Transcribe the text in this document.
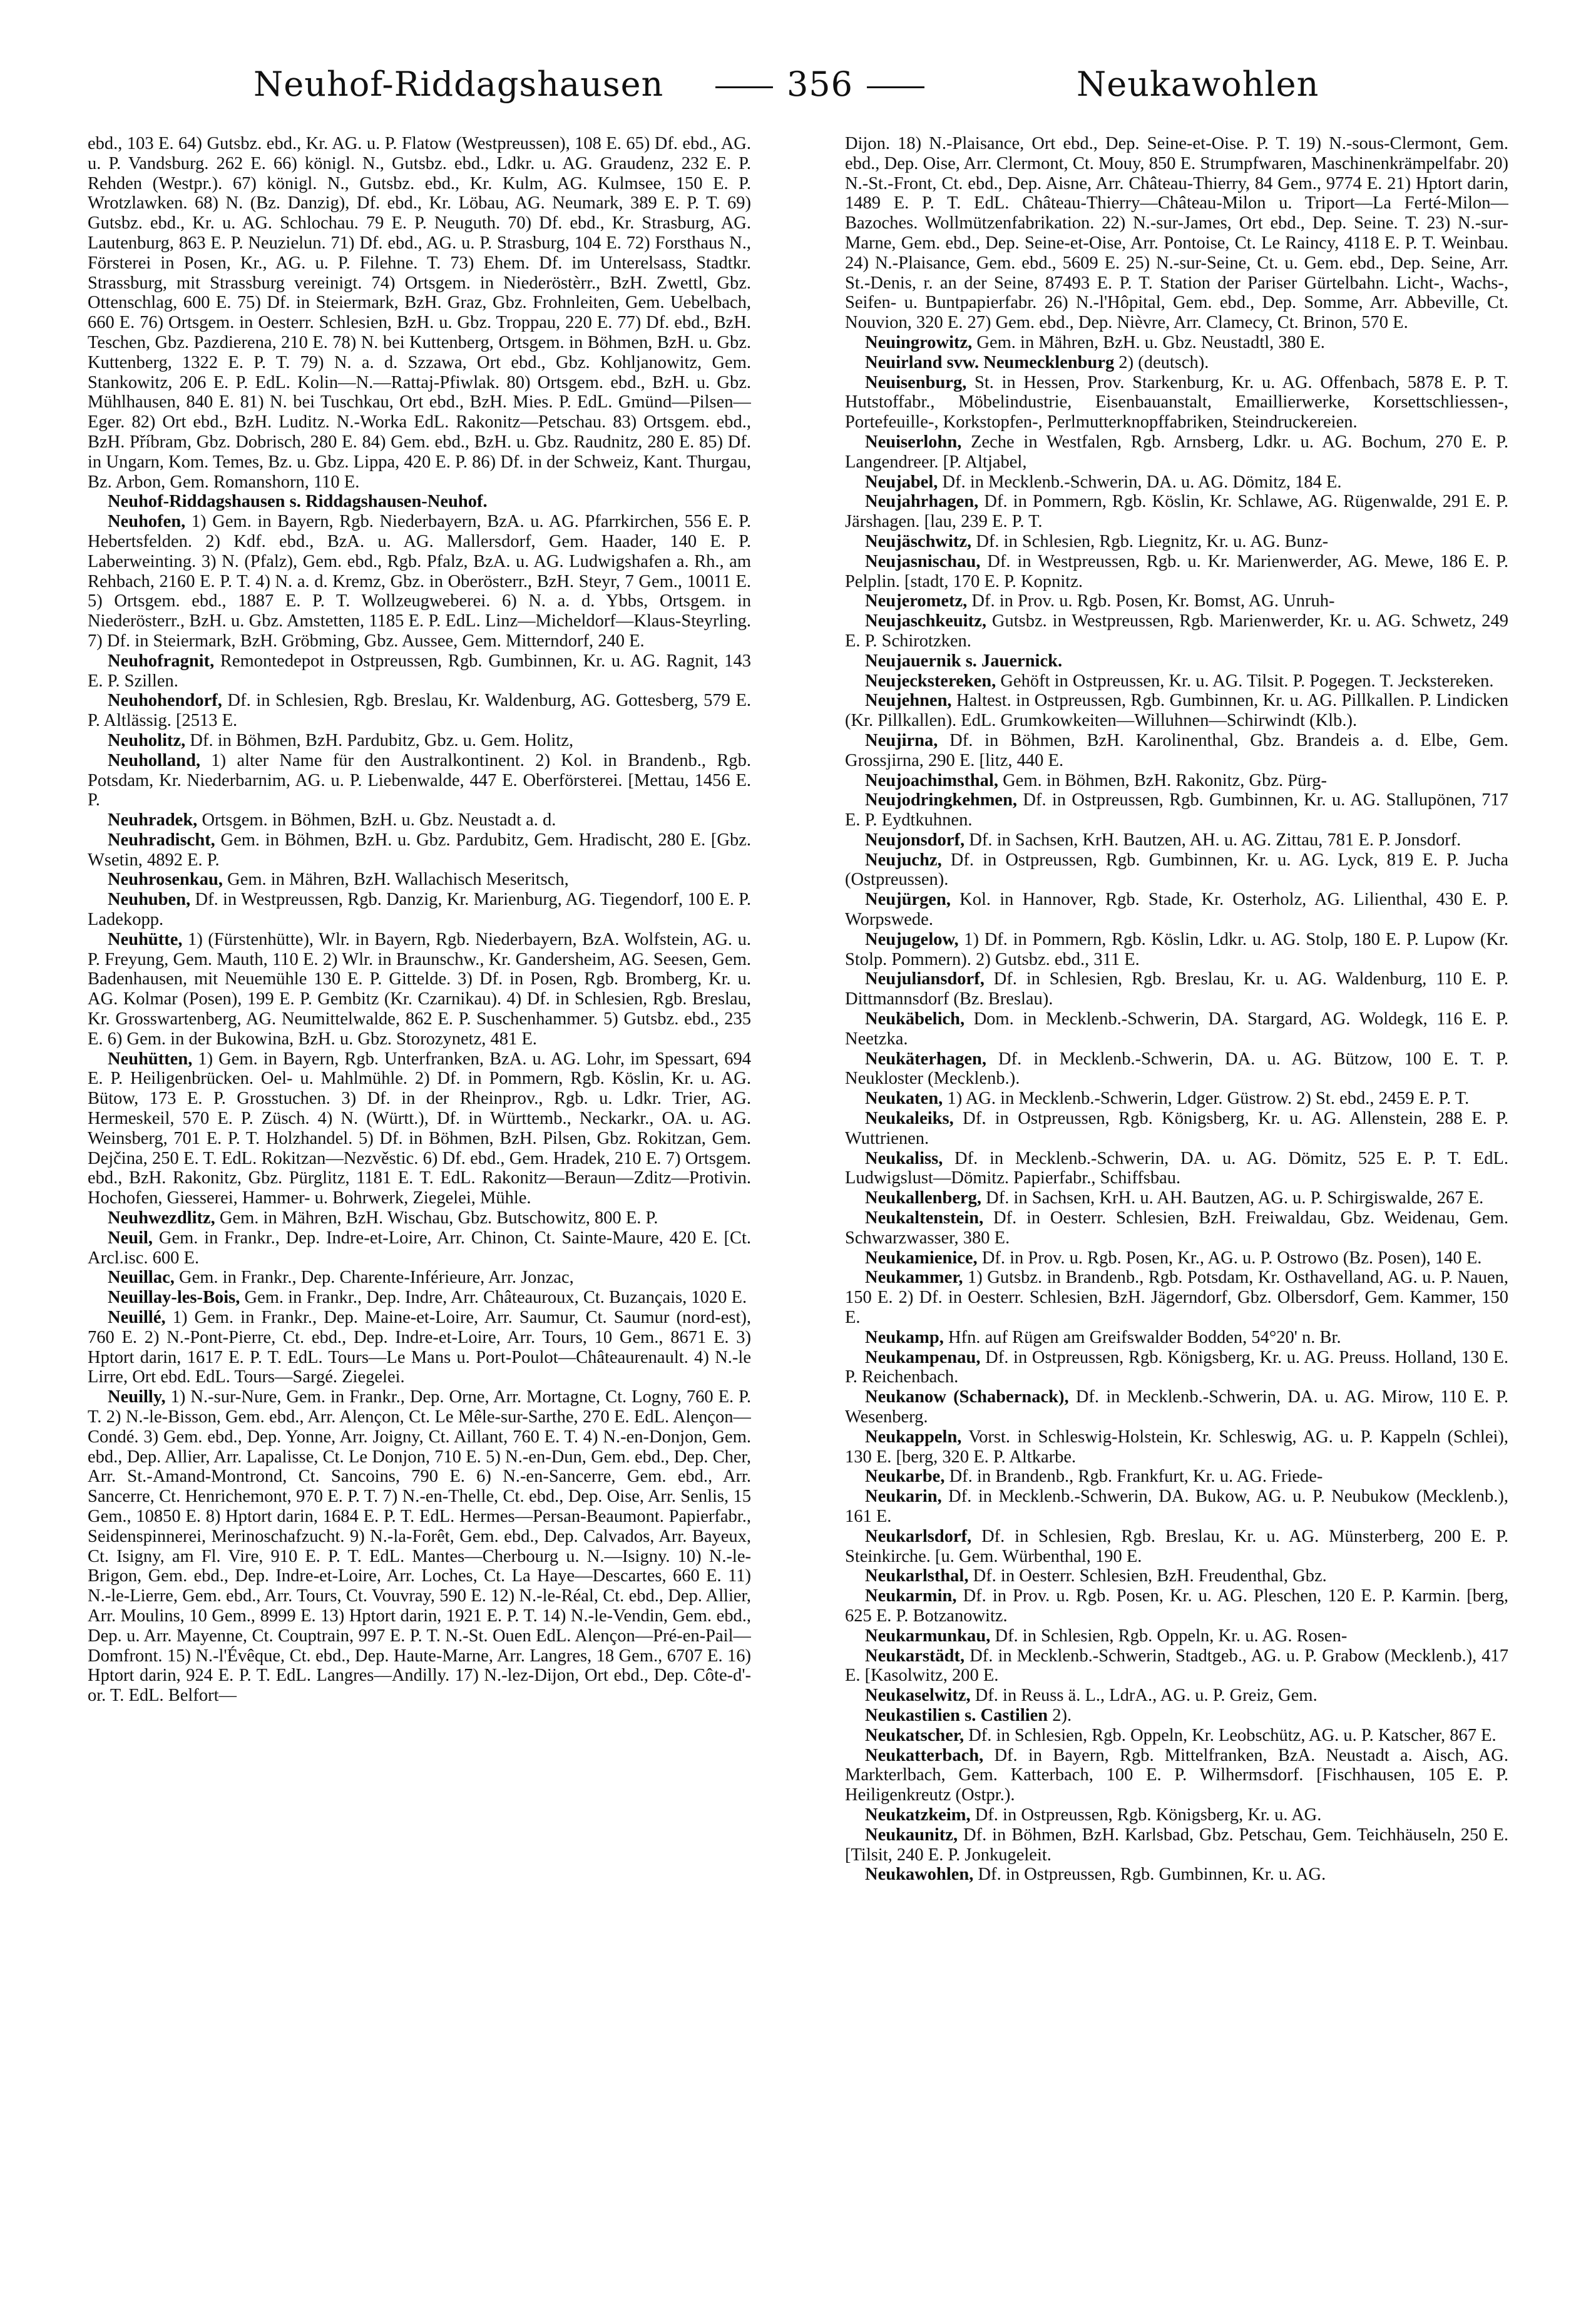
Neuhof-Riddagshausen	356	Neukawohlen

ebd., 103 E. 64) Gutsbz. ebd., Kr. AG. u. P. Flatow (Westpreussen), 108 E. 65) Df. ebd., AG. u. P. Vandsburg. 262 E. 66) königl. N., Gutsbz. ebd., Ldkr. u. AG. Graudenz, 232 E. P. Rehden (Westpr.). 67) königl. N., Gutsbz. ebd., Kr. Kulm, AG. Kulmsee, 150 E. P. Wrotzlawken. 68) N. (Bz. Danzig), Df. ebd., Kr. Löbau, AG. Neumark, 389 E. P. T. 69) Gutsbz. ebd., Kr. u. AG. Schlochau. 79 E. P. Neuguth. 70) Df. ebd., Kr. Strasburg, AG. Lautenburg, 863 E. P. Neuzielun. 71) Df. ebd., AG. u. P. Strasburg, 104 E. 72) Forsthaus N., Försterei in Posen, Kr., AG. u. P. Filehne. T. 73) Ehem. Df. im Unterelsass, Stadtkr. Strassburg, mit Strassburg vereinigt. 74) Ortsgem. in Niederöstèrr., BzH. Zwettl, Gbz. Ottenschlag, 600 E. 75) Df. in Steiermark, BzH. Graz, Gbz. Frohnleiten, Gem. Uebelbach, 660 E. 76) Ortsgem. in Oesterr. Schlesien, BzH. u. Gbz. Troppau, 220 E. 77) Df. ebd., BzH. Teschen, Gbz. Pazdierena, 210 E. 78) N. bei Kuttenberg, Ortsgem. in Böhmen, BzH. u. Gbz. Kuttenberg, 1322 E. P. T. 79) N. a. d. Szzawa, Ort ebd., Gbz. Kohljanowitz, Gem. Stankowitz, 206 E. P. EdL. Kolin—N.—Rattaj-Pfiwlak. 80) Ortsgem. ebd., BzH. u. Gbz. Mühlhausen, 840 E. 81) N. bei Tuschkau, Ort ebd., BzH. Mies. P. EdL. Gmünd—Pilsen—Eger. 82) Ort ebd., BzH. Luditz. N.-Worka EdL. Rakonitz—Petschau. 83) Ortsgem. ebd., BzH. Příbram, Gbz. Dobrisch, 280 E. 84) Gem. ebd., BzH. u. Gbz. Raudnitz, 280 E. 85) Df. in Ungarn, Kom. Temes, Bz. u. Gbz. Lippa, 420 E. P. 86) Df. in der Schweiz, Kant. Thurgau, Bz. Arbon, Gem. Romanshorn, 110 E.

Neuhof-Riddagshausen s. Riddagshausen-Neuhof.

Neuhofen, 1) Gem. in Bayern, Rgb. Niederbayern, BzA. u. AG. Pfarrkirchen, 556 E. P. Hebertsfelden. 2) Kdf. ebd., BzA. u. AG. Mallersdorf, Gem. Haader, 140 E. P. Laberweinting. 3) N. (Pfalz), Gem. ebd., Rgb. Pfalz, BzA. u. AG. Ludwigshafen a. Rh., am Rehbach, 2160 E. P. T. 4) N. a. d. Kremz, Gbz. in Oberösterr., BzH. Steyr, 7 Gem., 10011 E. 5) Ortsgem. ebd., 1887 E. P. T. Wollzeugweberei. 6) N. a. d. Ybbs, Ortsgem. in Niederösterr., BzH. u. Gbz. Amstetten, 1185 E. P. EdL. Linz—Micheldorf—Klaus-Steyrling. 7) Df. in Steiermark, BzH. Gröbming, Gbz. Aussee, Gem. Mitterndorf, 240 E.

Neuhofragnit, Remontedepot in Ostpreussen, Rgb. Gumbinnen, Kr. u. AG. Ragnit, 143 E. P. Szillen.

Neuhohendorf, Df. in Schlesien, Rgb. Breslau, Kr. Waldenburg, AG. Gottesberg, 579 E. P. Altlässig. [2513 E.

Neuholitz, Df. in Böhmen, BzH. Pardubitz, Gbz. u. Gem. Holitz,

Neuholland, 1) alter Name für den Australkontinent. 2) Kol. in Brandenb., Rgb. Potsdam, Kr. Niederbarnim, AG. u. P. Liebenwalde, 447 E. Oberförsterei. [Mettau, 1456 E. P.

Neuhradek, Ortsgem. in Böhmen, BzH. u. Gbz. Neustadt a. d.

Neuhradischt, Gem. in Böhmen, BzH. u. Gbz. Pardubitz, Gem. Hradischt, 280 E. [Gbz. Wsetin, 4892 E. P.

Neuhrosenkau, Gem. in Mähren, BzH. Wallachisch Meseritsch,

Neuhuben, Df. in Westpreussen, Rgb. Danzig, Kr. Marienburg, AG. Tiegendorf, 100 E. P. Ladekopp.

Neuhütte, 1) (Fürstenhütte), Wlr. in Bayern, Rgb. Niederbayern, BzA. Wolfstein, AG. u. P. Freyung, Gem. Mauth, 110 E. 2) Wlr. in Braunschw., Kr. Gandersheim, AG. Seesen, Gem. Badenhausen, mit Neuemühle 130 E. P. Gittelde. 3) Df. in Posen, Rgb. Bromberg, Kr. u. AG. Kolmar (Posen), 199 E. P. Gembitz (Kr. Czarnikau). 4) Df. in Schlesien, Rgb. Breslau, Kr. Grosswartenberg, AG. Neumittelwalde, 862 E. P. Suschenhammer. 5) Gutsbz. ebd., 235 E. 6) Gem. in der Bukowina, BzH. u. Gbz. Storozynetz, 481 E.

Neuhütten, 1) Gem. in Bayern, Rgb. Unterfranken, BzA. u. AG. Lohr, im Spessart, 694 E. P. Heiligenbrücken. Oel- u. Mahlmühle. 2) Df. in Pommern, Rgb. Köslin, Kr. u. AG. Bütow, 173 E. P. Grosstuchen. 3) Df. in der Rheinprov., Rgb. u. Ldkr. Trier, AG. Hermeskeil, 570 E. P. Züsch. 4) N. (Württ.), Df. in Württemb., Neckarkr., OA. u. AG. Weinsberg, 701 E. P. T. Holzhandel. 5) Df. in Böhmen, BzH. Pilsen, Gbz. Rokitzan, Gem. Dejčina, 250 E. T. EdL. Rokitzan—Nezvěstic. 6) Df. ebd., Gem. Hradek, 210 E. 7) Ortsgem. ebd., BzH. Rakonitz, Gbz. Pürglitz, 1181 E. T. EdL. Rakonitz—Beraun—Zditz—Protivin. Hochofen, Giesserei, Hammer- u. Bohrwerk, Ziegelei, Mühle.

Neuhwezdlitz, Gem. in Mähren, BzH. Wischau, Gbz. Butschowitz, 800 E. P.

Neuil, Gem. in Frankr., Dep. Indre-et-Loire, Arr. Chinon, Ct. Sainte-Maure, 420 E. [Ct. Arcl.isc. 600 E.

Neuillac, Gem. in Frankr., Dep. Charente-Inférieure, Arr. Jonzac,

Neuillay-les-Bois, Gem. in Frankr., Dep. Indre, Arr. Châteauroux, Ct. Buzançais, 1020 E.

Neuillé, 1) Gem. in Frankr., Dep. Maine-et-Loire, Arr. Saumur, Ct. Saumur (nord-est), 760 E. 2) N.-Pont-Pierre, Ct. ebd., Dep. Indre-et-Loire, Arr. Tours, 10 Gem., 8671 E. 3) Hptort darin, 1617 E. P. T. EdL. Tours—Le Mans u. Port-Poulot—Châteaurenault. 4) N.-le Lirre, Ort ebd. EdL. Tours—Sargé. Ziegelei.

Neuilly, 1) N.-sur-Nure, Gem. in Frankr., Dep. Orne, Arr. Mortagne, Ct. Logny, 760 E. P. T. 2) N.-le-Bisson, Gem. ebd., Arr. Alençon, Ct. Le Mêle-sur-Sarthe, 270 E. EdL. Alençon—Condé. 3) Gem. ebd., Dep. Yonne, Arr. Joigny, Ct. Aillant, 760 E. T. 4) N.-en-Donjon, Gem. ebd., Dep. Allier, Arr. Lapalisse, Ct. Le Donjon, 710 E. 5) N.-en-Dun, Gem. ebd., Dep. Cher, Arr. St.-Amand-Montrond, Ct. Sancoins, 790 E. 6) N.-en-Sancerre, Gem. ebd., Arr. Sancerre, Ct. Henrichemont, 970 E. P. T. 7) N.-en-Thelle, Ct. ebd., Dep. Oise, Arr. Senlis, 15 Gem., 10850 E. 8) Hptort darin, 1684 E. P. T. EdL. Hermes—Persan-Beaumont. Papierfabr., Seidenspinnerei, Merinoschafzucht. 9) N.-la-Forêt, Gem. ebd., Dep. Calvados, Arr. Bayeux, Ct. Isigny, am Fl. Vire, 910 E. P. T. EdL. Mantes—Cherbourg u. N.—Isigny. 10) N.-le-Brigon, Gem. ebd., Dep. Indre-et-Loire, Arr. Loches, Ct. La Haye—Descartes, 660 E. 11) N.-le-Lierre, Gem. ebd., Arr. Tours, Ct. Vouvray, 590 E. 12) N.-le-Réal, Ct. ebd., Dep. Allier, Arr. Moulins, 10 Gem., 8999 E. 13) Hptort darin, 1921 E. P. T. 14) N.-le-Vendin, Gem. ebd., Dep. u. Arr. Mayenne, Ct. Couptrain, 997 E. P. T. N.-St. Ouen EdL. Alençon—Pré-en-Pail—Domfront. 15) N.-l'Évêque, Ct. ebd., Dep. Haute-Marne, Arr. Langres, 18 Gem., 6707 E. 16) Hptort darin, 924 E. P. T. EdL. Langres—Andilly. 17) N.-lez-Dijon, Ort ebd., Dep. Côte-d'-or. T. EdL. Belfort—

Dijon. 18) N.-Plaisance, Ort ebd., Dep. Seine-et-Oise. P. T. 19) N.-sous-Clermont, Gem. ebd., Dep. Oise, Arr. Clermont, Ct. Mouy, 850 E. Strumpfwaren, Maschinenkrämpelfabr. 20) N.-St.-Front, Ct. ebd., Dep. Aisne, Arr. Château-Thierry, 84 Gem., 9774 E. 21) Hptort darin, 1489 E. P. T. EdL. Château-Thierry—Château-Milon u. Triport—La Ferté-Milon—Bazoches. Wollmützenfabrikation. 22) N.-sur-James, Ort ebd., Dep. Seine. T. 23) N.-sur-Marne, Gem. ebd., Dep. Seine-et-Oise, Arr. Pontoise, Ct. Le Raincy, 4118 E. P. T. Weinbau. 24) N.-Plaisance, Gem. ebd., 5609 E. 25) N.-sur-Seine, Ct. u. Gem. ebd., Dep. Seine, Arr. St.-Denis, r. an der Seine, 87493 E. P. T. Station der Pariser Gürtelbahn. Licht-, Wachs-, Seifen- u. Buntpapierfabr. 26) N.-l'Hôpital, Gem. ebd., Dep. Somme, Arr. Abbeville, Ct. Nouvion, 320 E. 27) Gem. ebd., Dep. Nièvre, Arr. Clamecy, Ct. Brinon, 570 E.

Neuingrowitz, Gem. in Mähren, BzH. u. Gbz. Neustadtl, 380 E.

Neuirland svw. Neumecklenburg 2) (deutsch).

Neuisenburg, St. in Hessen, Prov. Starkenburg, Kr. u. AG. Offenbach, 5878 E. P. T. Hutstoffabr., Möbelindustrie, Eisenbauanstalt, Emaillierwerke, Korsettschliessen-, Portefeuille-, Korkstopfen-, Perlmutterknopffabriken, Steindruckereien.

Neuiserlohn, Zeche in Westfalen, Rgb. Arnsberg, Ldkr. u. AG. Bochum, 270 E. P. Langendreer. [P. Altjabel,

Neujabel, Df. in Mecklenb.-Schwerin, DA. u. AG. Dömitz, 184 E.

Neujahrhagen, Df. in Pommern, Rgb. Köslin, Kr. Schlawe, AG. Rügenwalde, 291 E. P. Järshagen. [lau, 239 E. P. T.

Neujäschwitz, Df. in Schlesien, Rgb. Liegnitz, Kr. u. AG. Bunz-

Neujasnischau, Df. in Westpreussen, Rgb. u. Kr. Marienwerder, AG. Mewe, 186 E. P. Pelplin. [stadt, 170 E. P. Kopnitz.

Neujerometz, Df. in Prov. u. Rgb. Posen, Kr. Bomst, AG. Unruh-

Neujaschkeuitz, Gutsbz. in Westpreussen, Rgb. Marienwerder, Kr. u. AG. Schwetz, 249 E. P. Schirotzken.

Neujauernik s. Jauernick.

Neujeckstereken, Gehöft in Ostpreussen, Kr. u. AG. Tilsit. P. Pogegen. T. Jeckstereken.

Neujehnen, Haltest. in Ostpreussen, Rgb. Gumbinnen, Kr. u. AG. Pillkallen. P. Lindicken (Kr. Pillkallen). EdL. Grumkowkeiten—Willuhnen—Schirwindt (Klb.).

Neujirna, Df. in Böhmen, BzH. Karolinenthal, Gbz. Brandeis a. d. Elbe, Gem. Grossjirna, 290 E. [litz, 440 E.

Neujoachimsthal, Gem. in Böhmen, BzH. Rakonitz, Gbz. Pürg-

Neujodringkehmen, Df. in Ostpreussen, Rgb. Gumbinnen, Kr. u. AG. Stallupönen, 717 E. P. Eydtkuhnen.

Neujonsdorf, Df. in Sachsen, KrH. Bautzen, AH. u. AG. Zittau, 781 E. P. Jonsdorf.

Neujuchz, Df. in Ostpreussen, Rgb. Gumbinnen, Kr. u. AG. Lyck, 819 E. P. Jucha (Ostpreussen).

Neujürgen, Kol. in Hannover, Rgb. Stade, Kr. Osterholz, AG. Lilienthal, 430 E. P. Worpswede.

Neujugelow, 1) Df. in Pommern, Rgb. Köslin, Ldkr. u. AG. Stolp, 180 E. P. Lupow (Kr. Stolp. Pommern). 2) Gutsbz. ebd., 311 E.

Neujuliansdorf, Df. in Schlesien, Rgb. Breslau, Kr. u. AG. Waldenburg, 110 E. P. Dittmannsdorf (Bz. Breslau).

Neukäbelich, Dom. in Mecklenb.-Schwerin, DA. Stargard, AG. Woldegk, 116 E. P. Neetzka.

Neukäterhagen, Df. in Mecklenb.-Schwerin, DA. u. AG. Bützow, 100 E. T. P. Neukloster (Mecklenb.).

Neukaten, 1) AG. in Mecklenb.-Schwerin, Ldger. Güstrow. 2) St. ebd., 2459 E. P. T.

Neukaleiks, Df. in Ostpreussen, Rgb. Königsberg, Kr. u. AG. Allenstein, 288 E. P. Wuttrienen.

Neukaliss, Df. in Mecklenb.-Schwerin, DA. u. AG. Dömitz, 525 E. P. T. EdL. Ludwigslust—Dömitz. Papierfabr., Schiffsbau.

Neukallenberg, Df. in Sachsen, KrH. u. AH. Bautzen, AG. u. P. Schirgiswalde, 267 E.

Neukaltenstein, Df. in Oesterr. Schlesien, BzH. Freiwaldau, Gbz. Weidenau, Gem. Schwarzwasser, 380 E.

Neukamienice, Df. in Prov. u. Rgb. Posen, Kr., AG. u. P. Ostrowo (Bz. Posen), 140 E.

Neukammer, 1) Gutsbz. in Brandenb., Rgb. Potsdam, Kr. Osthavelland, AG. u. P. Nauen, 150 E. 2) Df. in Oesterr. Schlesien, BzH. Jägerndorf, Gbz. Olbersdorf, Gem. Kammer, 150 E.

Neukamp, Hfn. auf Rügen am Greifswalder Bodden, 54°20' n. Br.

Neukampenau, Df. in Ostpreussen, Rgb. Königsberg, Kr. u. AG. Preuss. Holland, 130 E. P. Reichenbach.

Neukanow (Schabernack), Df. in Mecklenb.-Schwerin, DA. u. AG. Mirow, 110 E. P. Wesenberg.

Neukappeln, Vorst. in Schleswig-Holstein, Kr. Schleswig, AG. u. P. Kappeln (Schlei), 130 E. [berg, 320 E. P. Altkarbe.

Neukarbe, Df. in Brandenb., Rgb. Frankfurt, Kr. u. AG. Friede-

Neukarin, Df. in Mecklenb.-Schwerin, DA. Bukow, AG. u. P. Neubukow (Mecklenb.), 161 E.

Neukarlsdorf, Df. in Schlesien, Rgb. Breslau, Kr. u. AG. Münsterberg, 200 E. P. Steinkirche. [u. Gem. Würbenthal, 190 E.

Neukarlsthal, Df. in Oesterr. Schlesien, BzH. Freudenthal, Gbz.

Neukarmin, Df. in Prov. u. Rgb. Posen, Kr. u. AG. Pleschen, 120 E. P. Karmin. [berg, 625 E. P. Botzanowitz.

Neukarmunkau, Df. in Schlesien, Rgb. Oppeln, Kr. u. AG. Rosen-

Neukarstädt, Df. in Mecklenb.-Schwerin, Stadtgeb., AG. u. P. Grabow (Mecklenb.), 417 E. [Kasolwitz, 200 E.

Neukaselwitz, Df. in Reuss ä. L., LdrA., AG. u. P. Greiz, Gem.

Neukastilien s. Castilien 2).

Neukatscher, Df. in Schlesien, Rgb. Oppeln, Kr. Leobschütz, AG. u. P. Katscher, 867 E.

Neukatterbach, Df. in Bayern, Rgb. Mittelfranken, BzA. Neustadt a. Aisch, AG. Markterlbach, Gem. Katterbach, 100 E. P. Wilhermsdorf. [Fischhausen, 105 E. P. Heiligenkreutz (Ostpr.).

Neukatzkeim, Df. in Ostpreussen, Rgb. Königsberg, Kr. u. AG.

Neukaunitz, Df. in Böhmen, BzH. Karlsbad, Gbz. Petschau, Gem. Teichhäuseln, 250 E. [Tilsit, 240 E. P. Jonkugeleit.

Neukawohlen, Df. in Ostpreussen, Rgb. Gumbinnen, Kr. u. AG.
